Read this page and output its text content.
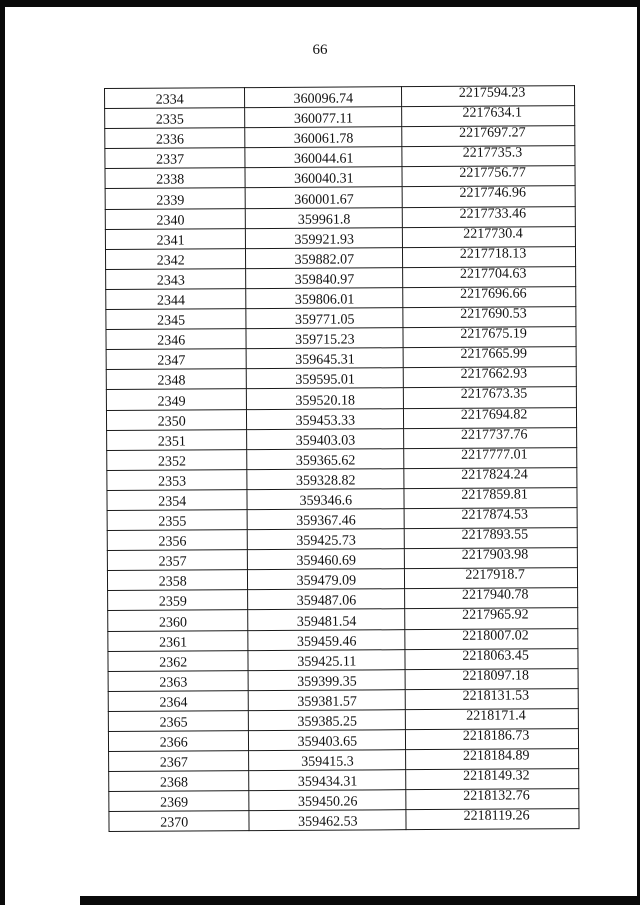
66
2334	360096.74	2217594.23
2335	360077.11	2217634.1
2336	360061.78	2217697.27
2337	360044.61	2217735.3
2338	360040.31	2217756.77
2339	360001.67	2217746.96
2340	359961.8	2217733.46
2341	359921.93	2217730.4
2342	359882.07	2217718.13
2343	359840.97	2217704.63
2344	359806.01	2217696.66
2345	359771.05	2217690.53
2346	359715.23	2217675.19
2347	359645.31	2217665.99
2348	359595.01	2217662.93
2349	359520.18	2217673.35
2350	359453.33	2217694.82
2351	359403.03	2217737.76
2352	359365.62	2217777.01
2353	359328.82	2217824.24
2354	359346.6	2217859.81
2355	359367.46	2217874.53
2356	359425.73	2217893.55
2357	359460.69	2217903.98
2358	359479.09	2217918.7
2359	359487.06	2217940.78
2360	359481.54	2217965.92
2361	359459.46	2218007.02
2362	359425.11	2218063.45
2363	359399.35	2218097.18
2364	359381.57	2218131.53
2365	359385.25	2218171.4
2366	359403.65	2218186.73
2367	359415.3	2218184.89
2368	359434.31	2218149.32
2369	359450.26	2218132.76
2370	359462.53	2218119.26
